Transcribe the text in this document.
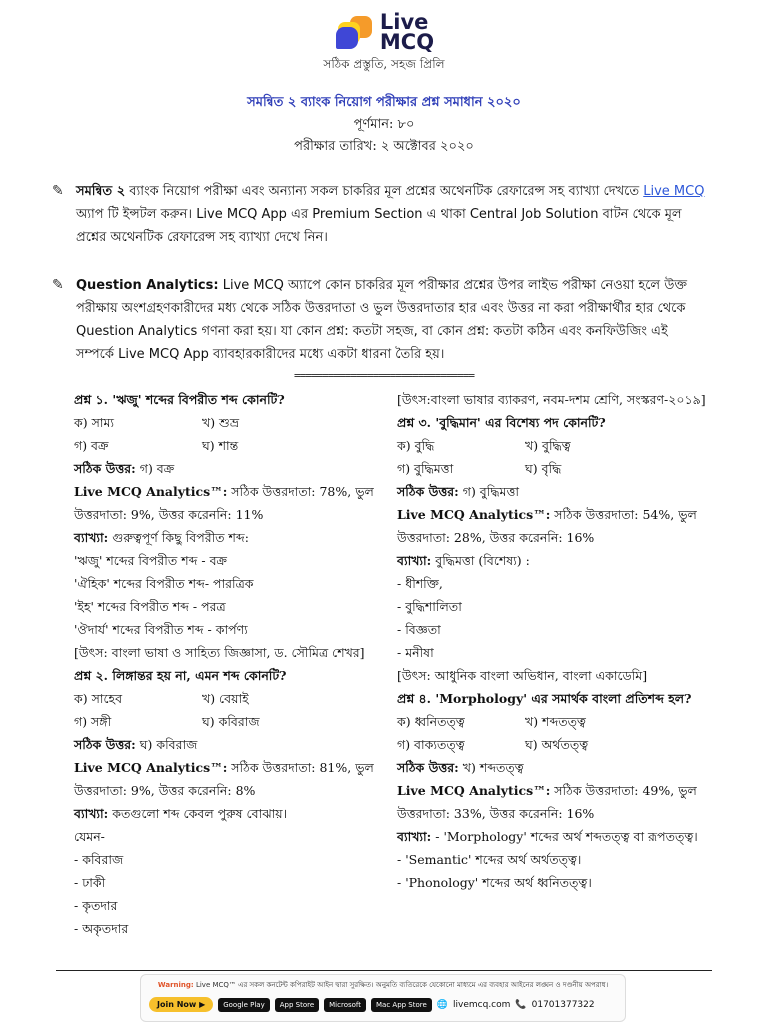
Live
MCQ
সঠিক প্রস্তুতি, সহজ প্রিলি
সমন্বিত ২ ব্যাংক নিয়োগ পরীক্ষার প্রশ্ন সমাধান ২০২০
পূর্ণমান: ৮০
পরীক্ষার তারিখ: ২ অক্টোবর ২০২০
✎ সমন্বিত ২ ব্যাংক নিয়োগ পরীক্ষা এবং অন্যান্য সকল চাকরির মূল প্রশ্নের অথেনটিক রেফারেন্স সহ ব্যাখ্যা দেখতে Live MCQ অ্যাপ টি ইন্সটল করুন। Live MCQ App এর Premium Section এ থাকা Central Job Solution বাটন থেকে মূল প্রশ্নের অথেনটিক রেফারেন্স সহ ব্যাখ্যা দেখে নিন।
✎ Question Analytics: Live MCQ অ্যাপে কোন চাকরির মূল পরীক্ষার প্রশ্নের উপর লাইভ পরীক্ষা নেওয়া হলে উক্ত পরীক্ষায় অংশগ্রহণকারীদের মধ্য থেকে সঠিক উত্তরদাতা ও ভুল উত্তরদাতার হার এবং উত্তর না করা পরীক্ষার্থীর হার থেকে Question Analytics গণনা করা হয়। যা কোন প্রশ্ন: কতটা সহজ, বা কোন প্রশ্ন: কতটা কঠিন এবং কনফিউজিং এই সম্পর্কে Live MCQ App ব্যাবহারকারীদের মধ্যে একটা ধারনা তৈরি হয়।
================================
প্রশ্ন ১. 'ঋজু' শব্দের বিপরীত শব্দ কোনটি?
ক) সাম্য	খ) শুভ্র
গ) বক্র	ঘ) শান্ত
সঠিক উত্তর: গ) বক্র
Live MCQ Analytics™: সঠিক উত্তরদাতা: 78%, ভুল উত্তরদাতা: 9%, উত্তর করেননি: 11%
ব্যাখ্যা: গুরুত্বপূর্ণ কিছু বিপরীত শব্দ:
'ঋজু' শব্দের বিপরীত শব্দ - বক্র
'ঐহিক' শব্দের বিপরীত শব্দ- পারত্রিক
'ইহ' শব্দের বিপরীত শব্দ - পরত্র
'ঔদার্য' শব্দের বিপরীত শব্দ - কার্পণ্য
[উৎস: বাংলা ভাষা ও সাহিত্য জিজ্ঞাসা, ড. সৌমিত্র শেখর]
প্রশ্ন ২. লিঙ্গান্তর হয় না, এমন শব্দ কোনটি?
ক) সাহেব	খ) বেয়াই
গ) সঙ্গী	ঘ) কবিরাজ
সঠিক উত্তর: ঘ) কবিরাজ
Live MCQ Analytics™: সঠিক উত্তরদাতা: 81%, ভুল উত্তরদাতা: 9%, উত্তর করেননি: 8%
ব্যাখ্যা: কতগুলো শব্দ কেবল পুরুষ বোঝায়।
যেমন-
- কবিরাজ
- ঢাকী
- কৃতদার
- অকৃতদার
[উৎস:বাংলা ভাষার ব্যাকরণ, নবম-দশম শ্রেণি, সংস্করণ-২০১৯]
প্রশ্ন ৩. 'বুদ্ধিমান' এর বিশেষ্য পদ কোনটি?
ক) বুদ্ধি	খ) বুদ্ধিত্ব
গ) বুদ্ধিমত্তা	ঘ) বৃদ্ধি
সঠিক উত্তর: গ) বুদ্ধিমত্তা
Live MCQ Analytics™: সঠিক উত্তরদাতা: 54%, ভুল উত্তরদাতা: 28%, উত্তর করেননি: 16%
ব্যাখ্যা: বুদ্ধিমত্তা (বিশেষ্য) :
- ধীশক্তি,
- বুদ্ধিশালিতা
- বিজ্ঞতা
- মনীষা
[উৎস: আধুনিক বাংলা অভিধান, বাংলা একাডেমি]
প্রশ্ন ৪. 'Morphology' এর সমার্থক বাংলা প্রতিশব্দ হল?
ক) ধ্বনিতত্ত্ব	খ) শব্দতত্ত্ব
গ) বাক্যতত্ত্ব	ঘ) অর্থতত্ত্ব
সঠিক উত্তর: খ) শব্দতত্ত্ব
Live MCQ Analytics™: সঠিক উত্তরদাতা: 49%, ভুল উত্তরদাতা: 33%, উত্তর করেননি: 16%
ব্যাখ্যা: - 'Morphology' শব্দের অর্থ শব্দতত্ত্ব বা রূপতত্ত্ব।
- 'Semantic' শব্দের অর্থ অর্থতত্ত্ব।
- 'Phonology' শব্দের অর্থ ধ্বনিতত্ত্ব।
Warning: Live MCQ™ এর সকল কনটেন্ট কপিরাইট আইন দ্বারা সুরক্ষিত। অনুমতি ব্যতিরেকে যেকোনো মাধ্যমে এর ব্যবহার আইনের লঙ্ঘন ও দণ্ডনীয় অপরাধ।
Join Now ▶	Google Play	App Store	Microsoft	Mac App Store	🌐 livemcq.com 📞 01701377322
